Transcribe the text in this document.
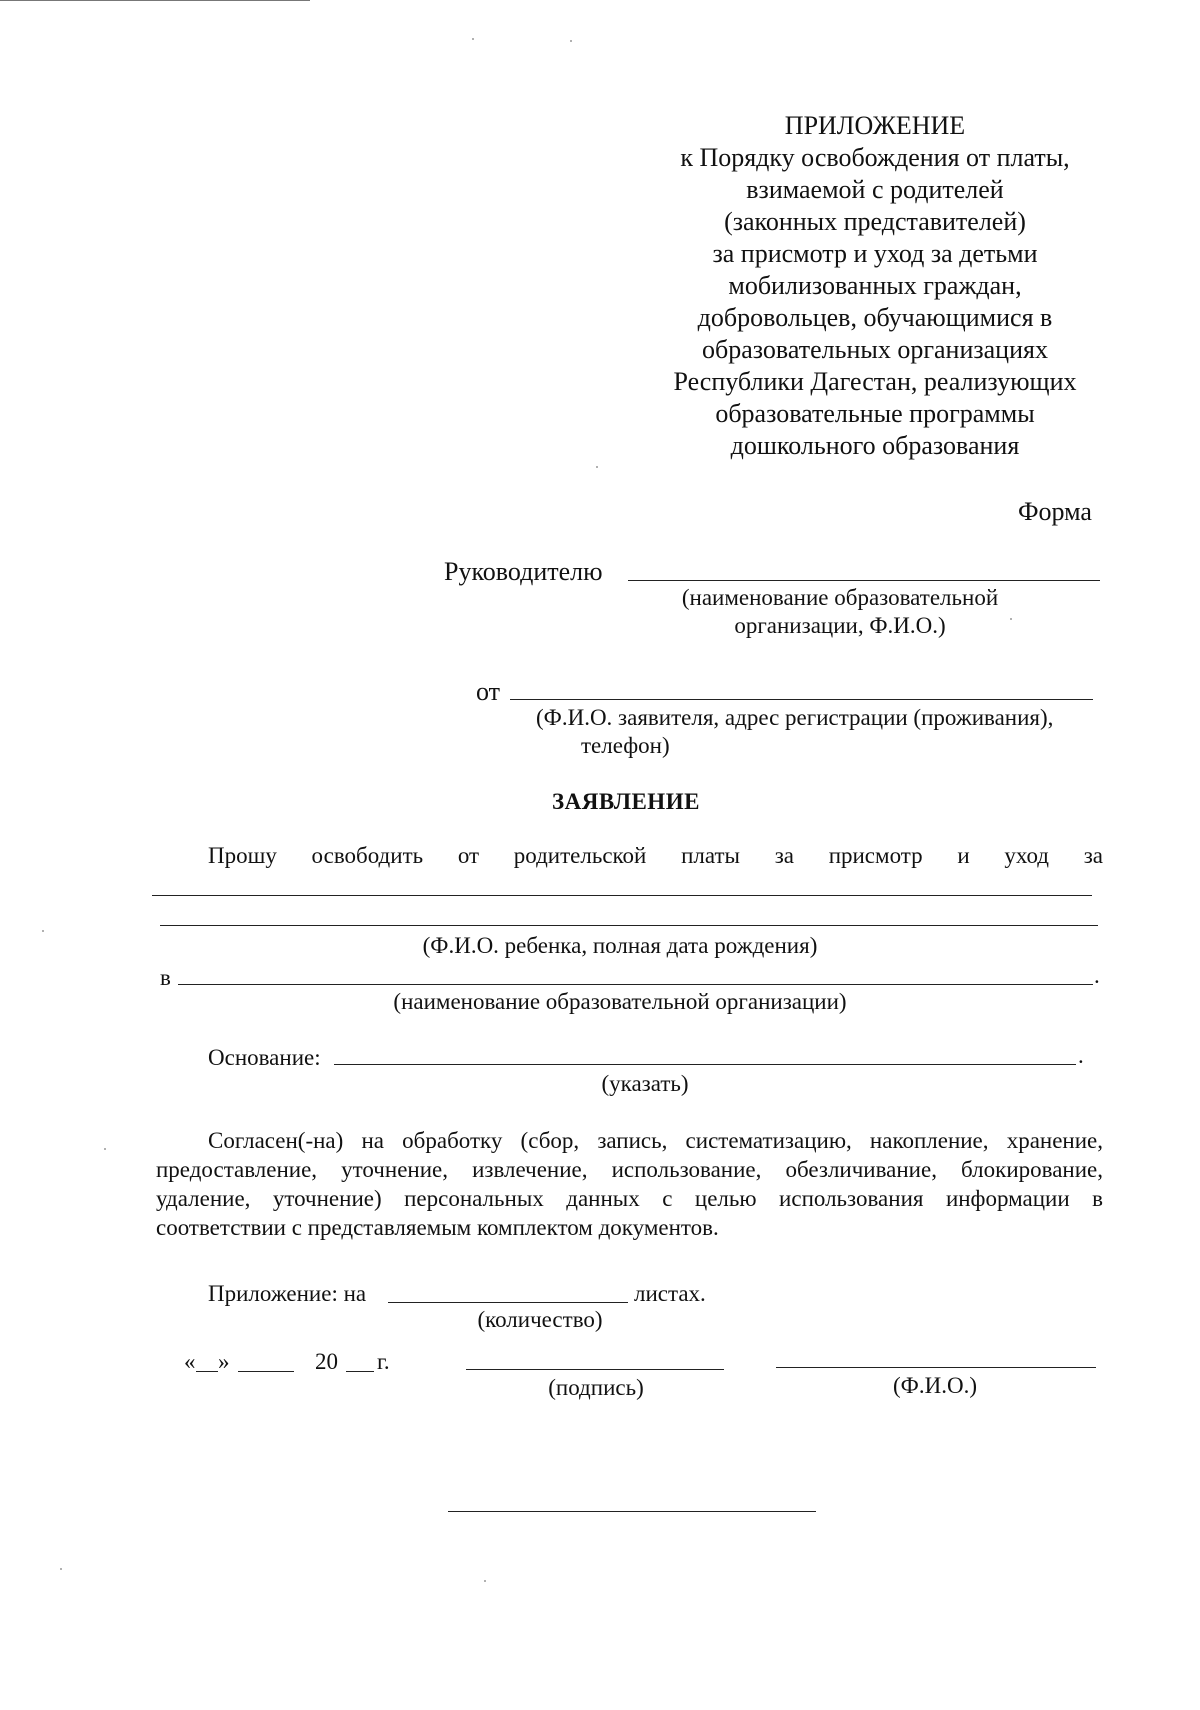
ПРИЛОЖЕНИЕ
к Порядку освобождения от платы,
взимаемой с родителей
(законных представителей)
за присмотр и уход за детьми
мобилизованных граждан,
добровольцев, обучающимися в
образовательных организациях
Республики Дагестан, реализующих
образовательные программы
дошкольного образования
Форма
Руководителю
(наименование образовательной
организации, Ф.И.О.)
от
(Ф.И.О. заявителя, адрес регистрации (проживания),
телефон)
ЗАЯВЛЕНИЕ
Прошу освободить от родительской платы за присмотр и уход за
(Ф.И.О. ребенка, полная дата рождения)
в	.
(наименование образовательной организации)
Основание:	.
(указать)
Согласен(-на) на обработку (сбор, запись, систематизацию, накопление, хранение, предоставление, уточнение, извлечение, использование, обезличивание, блокирование, удаление, уточнение) персональных данных с целью использования информации в соответствии с представляемым комплектом документов.
Приложение: на	листах.
(количество)
« »	20 г.
(подпись)	(Ф.И.О.)
